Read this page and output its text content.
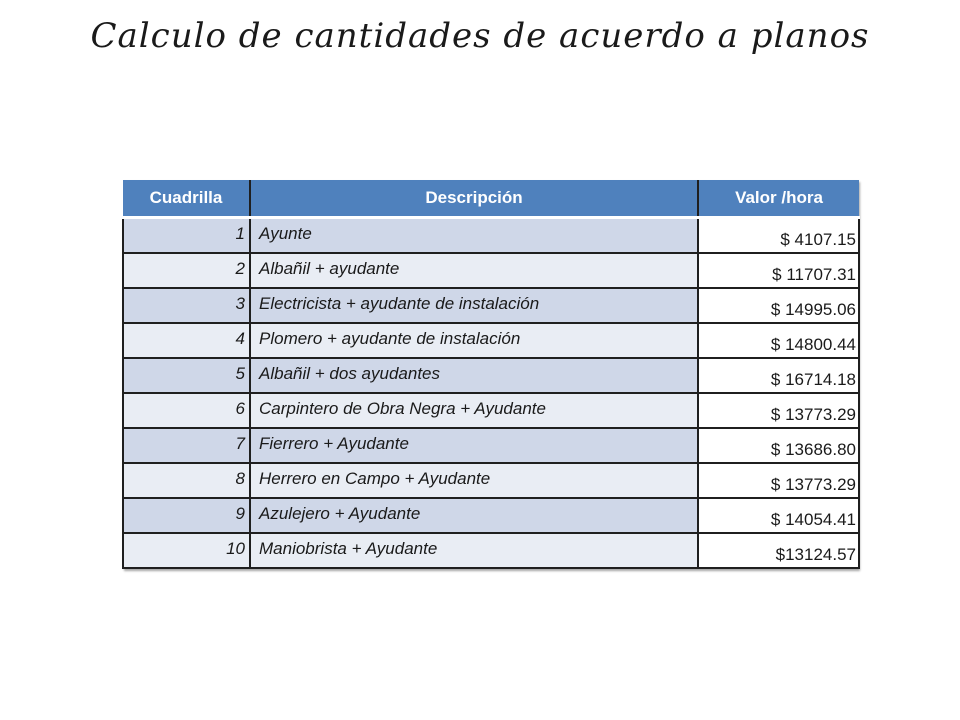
Calculo de cantidades de acuerdo a planos
Cuadrilla	Descripción	Valor /hora
1	Ayunte	$ 4107.15
2	Albañil + ayudante	$ 11707.31
3	Electricista + ayudante de instalación	$ 14995.06
4	Plomero + ayudante de instalación	$ 14800.44
5	Albañil + dos ayudantes	$ 16714.18
6	Carpintero de Obra Negra + Ayudante	$ 13773.29
7	Fierrero + Ayudante	$ 13686.80
8	Herrero en Campo + Ayudante	$ 13773.29
9	Azulejero + Ayudante	$ 14054.41
10	Maniobrista + Ayudante	$13124.57
